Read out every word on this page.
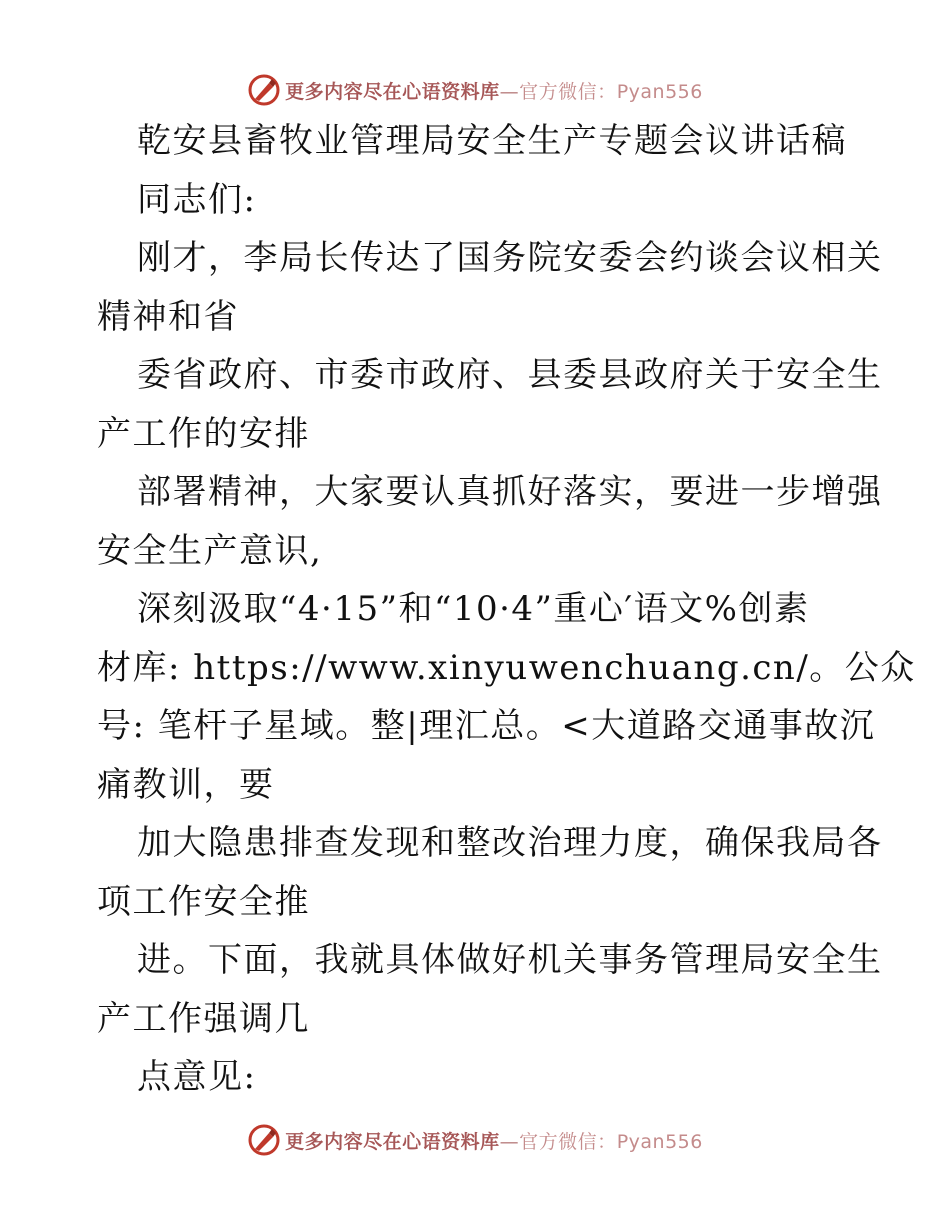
更多内容尽在心语资料库—官方微信：Pyan556
乾安县畜牧业管理局安全生产专题会议讲话稿
同志们:
刚才，李局长传达了国务院安委会约谈会议相关
精神和省
委省政府、市委市政府、县委县政府关于安全生
产工作的安排
部署精神，大家要认真抓好落实，要进一步增强
安全生产意识,
深刻汲取“4·15”和“10·4”重心′语文%创素
材库: https://www.xinyuwenchuang.cn/。公众
号: 笔杆子星域。整|理汇总。<大道路交通事故沉
痛教训，要
加大隐患排查发现和整改治理力度，确保我局各
项工作安全推
进。下面，我就具体做好机关事务管理局安全生
产工作强调几
点意见:
更多内容尽在心语资料库—官方微信：Pyan556
